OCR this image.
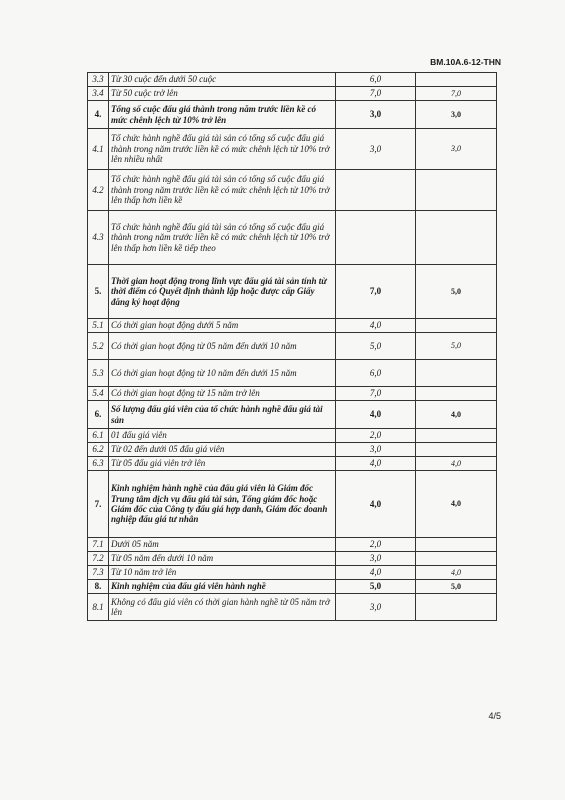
BM.10A.6-12-THN
3.3	Từ 30 cuộc đến dưới 50 cuộc	6,0	
3.4	Từ 50 cuộc trở lên	7,0	7,0
4.	Tổng số cuộc đấu giá thành trong năm trước liền kề có mức chênh lệch từ 10% trở lên	3,0	3,0
4.1	Tổ chức hành nghề đấu giá tài sản có tổng số cuộc đấu giá thành trong năm trước liền kề có mức chênh lệch từ 10% trở lên nhiều nhất	3,0	3,0
4.2	Tổ chức hành nghề đấu giá tài sản có tổng số cuộc đấu giá thành trong năm trước liền kề có mức chênh lệch từ 10% trở lên thấp hơn liền kề		
4.3	Tổ chức hành nghề đấu giá tài sản có tổng số cuộc đấu giá thành trong năm trước liền kề có mức chênh lệch từ 10% trở lên thấp hơn liền kề tiếp theo		
5.	Thời gian hoạt động trong lĩnh vực đấu giá tài sản tính từ thời điểm có Quyết định thành lập hoặc được cấp Giấy đăng ký hoạt động	7,0	5,0
5.1	Có thời gian hoạt động dưới 5 năm	4,0	
5.2	Có thời gian hoạt động từ 05 năm đến dưới 10 năm	5,0	5,0
5.3	Có thời gian hoạt động từ 10 năm đến dưới 15 năm	6,0	
5.4	Có thời gian hoạt động từ 15 năm trở lên	7,0	
6.	Số lượng đấu giá viên của tổ chức hành nghề đấu giá tài sản	4,0	4,0
6.1	01 đấu giá viên	2,0	
6.2	Từ 02 đến dưới 05 đấu giá viên	3,0	
6.3	Từ 05 đấu giá viên trở lên	4,0	4,0
7.	Kinh nghiệm hành nghề của đấu giá viên là Giám đốc Trung tâm dịch vụ đấu giá tài sản, Tổng giám đốc hoặc Giám đốc của Công ty đấu giá hợp danh, Giám đốc doanh nghiệp đấu giá tư nhân	4,0	4,0
7.1	Dưới 05 năm	2,0	
7.2	Từ 05 năm đến dưới 10 năm	3,0	
7.3	Từ 10 năm trở lên	4,0	4,0
8.	Kinh nghiệm của đấu giá viên hành nghề	5,0	5,0
8.1	Không có đấu giá viên có thời gian hành nghề từ 05 năm trở lên	3,0	
4/5
